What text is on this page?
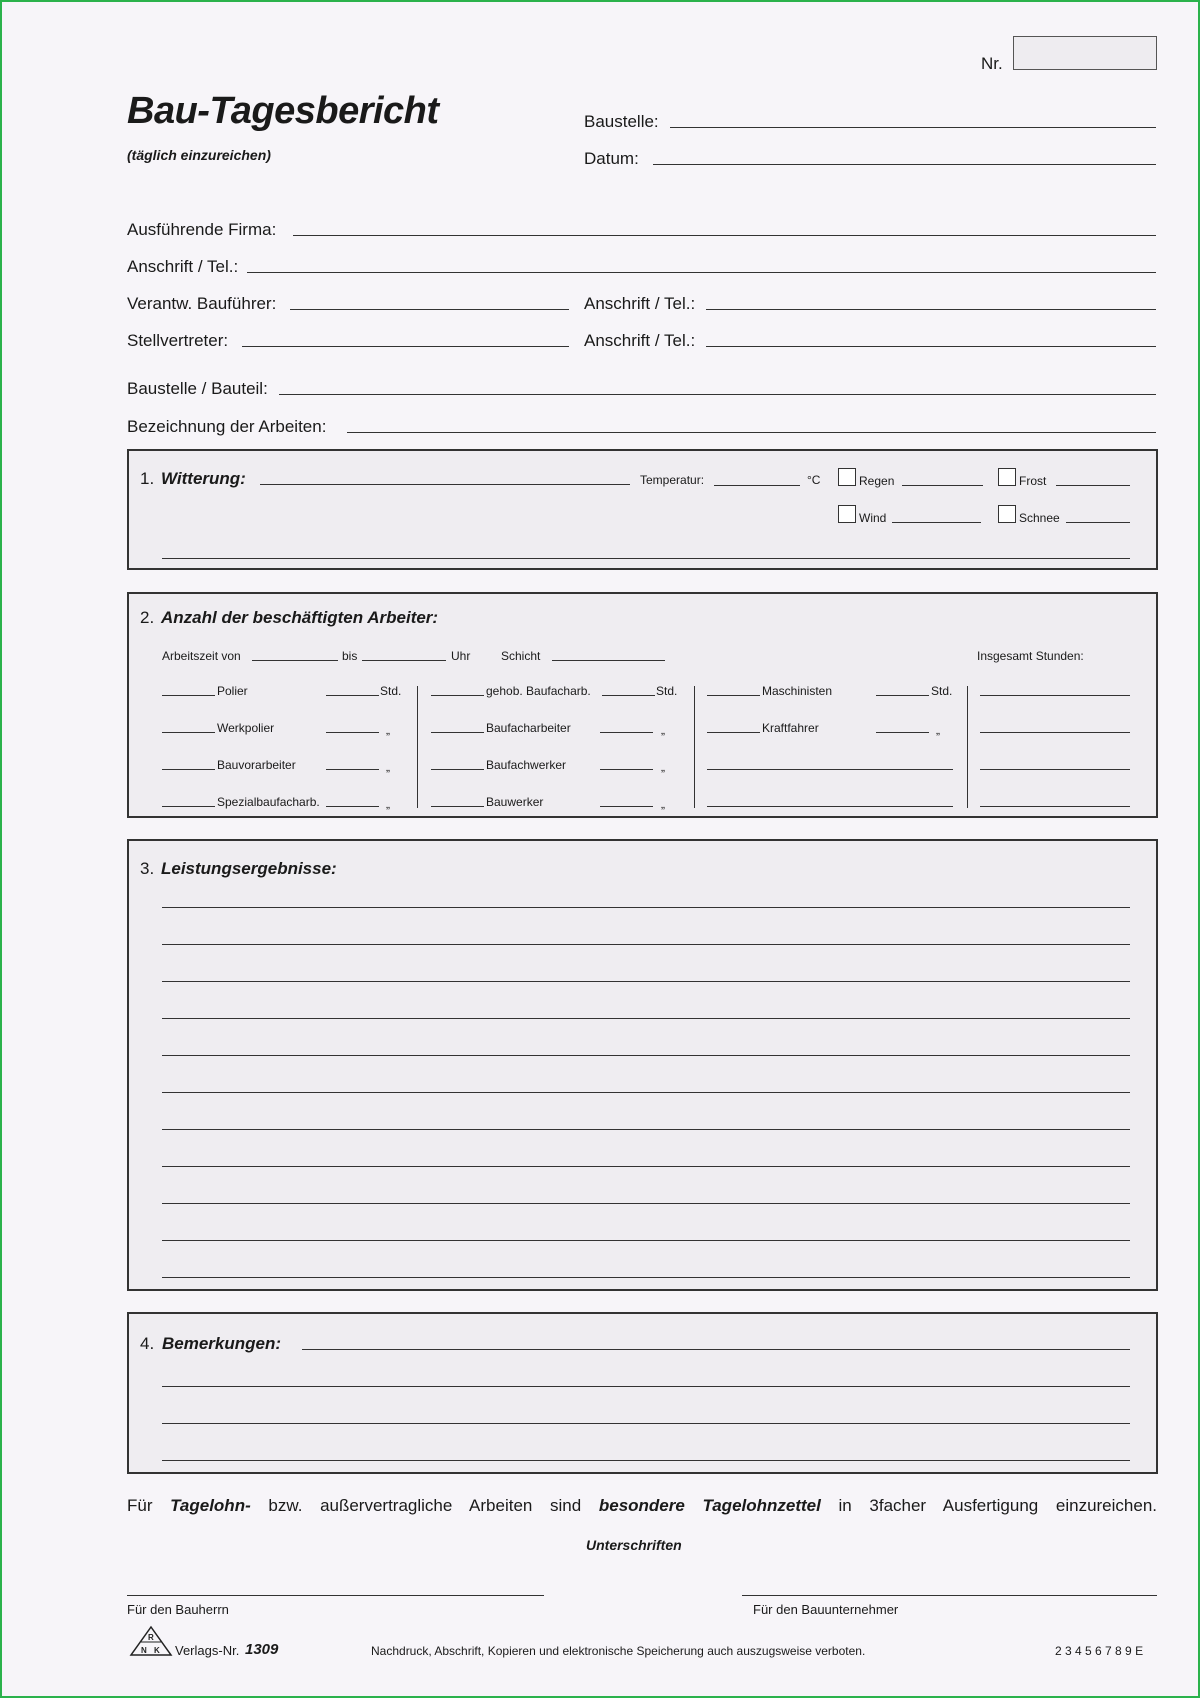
Nr.
Bau-Tagesbericht
(täglich einzureichen)
Baustelle:
Datum:
Ausführende Firma:
Anschrift / Tel.:
Verantw. Bauführer:	Anschrift / Tel.:
Stellvertreter:	Anschrift / Tel.:
Baustelle / Bauteil:
Bezeichnung der Arbeiten:
1. Witterung:	Temperatur:	°C	Regen	Frost
Wind	Schnee
2. Anzahl der beschäftigten Arbeiter:
Arbeitszeit von	bis	Uhr	Schicht	Insgesamt Stunden:
Polier	Std.
Werkpolier	„
Bauvorarbeiter	„
Spezialbaufacharb.	„
gehob. Baufacharb.	Std.
Baufacharbeiter	„
Baufachwerker	„
Bauwerker	„
Maschinisten	Std.
Kraftfahrer	„
3. Leistungsergebnisse:
4. Bemerkungen:
Für Tagelohn- bzw. außervertragliche Arbeiten sind besondere Tagelohnzettel in 3facher Ausfertigung einzureichen.
Unterschriften
Für den Bauherrn	Für den Bauunternehmer
R
N K Verlags-Nr. 1309	Nachdruck, Abschrift, Kopieren und elektronische Speicherung auch auszugsweise verboten.	2 3 4 5 6 7 8 9 E
